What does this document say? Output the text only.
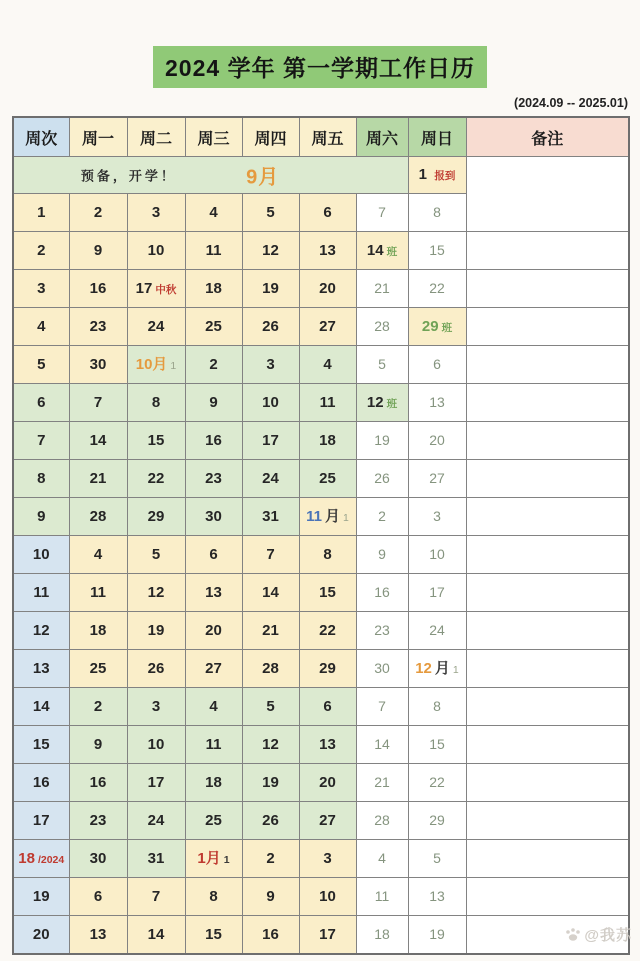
2024 学年 第一学期工作日历
(2024.09 -- 2025.01)
周次	周一	周二	周三	周四	周五	周六	周日	备注

预备，开学！ 9月							1 报到	
1	2	3	4	5	6	7	8	
2	9	10	11	12	13	14 班	15	
3	16	17 中秋	18	19	20	21	22	
4	23	24	25	26	27	28	29 班	
5	30	10月 1	2	3	4	5	6	
6	7	8	9	10	11	12 班	13	
7	14	15	16	17	18	19	20	
8	21	22	23	24	25	26	27	
9	28	29	30	31	11 月 1	2	3	
10	4	5	6	7	8	9	10	
11	11	12	13	14	15	16	17	
12	18	19	20	21	22	23	24	
13	25	26	27	28	29	30	12 月 1	
14	2	3	4	5	6	7	8	
15	9	10	11	12	13	14	15	
16	16	17	18	19	20	21	22	
17	23	24	25	26	27	28	29	
18 /2024	30	31	1月 1	2	3	4	5	
19	6	7	8	9	10	11	13	
20	13	14	15	16	17	18	19		@我苏
